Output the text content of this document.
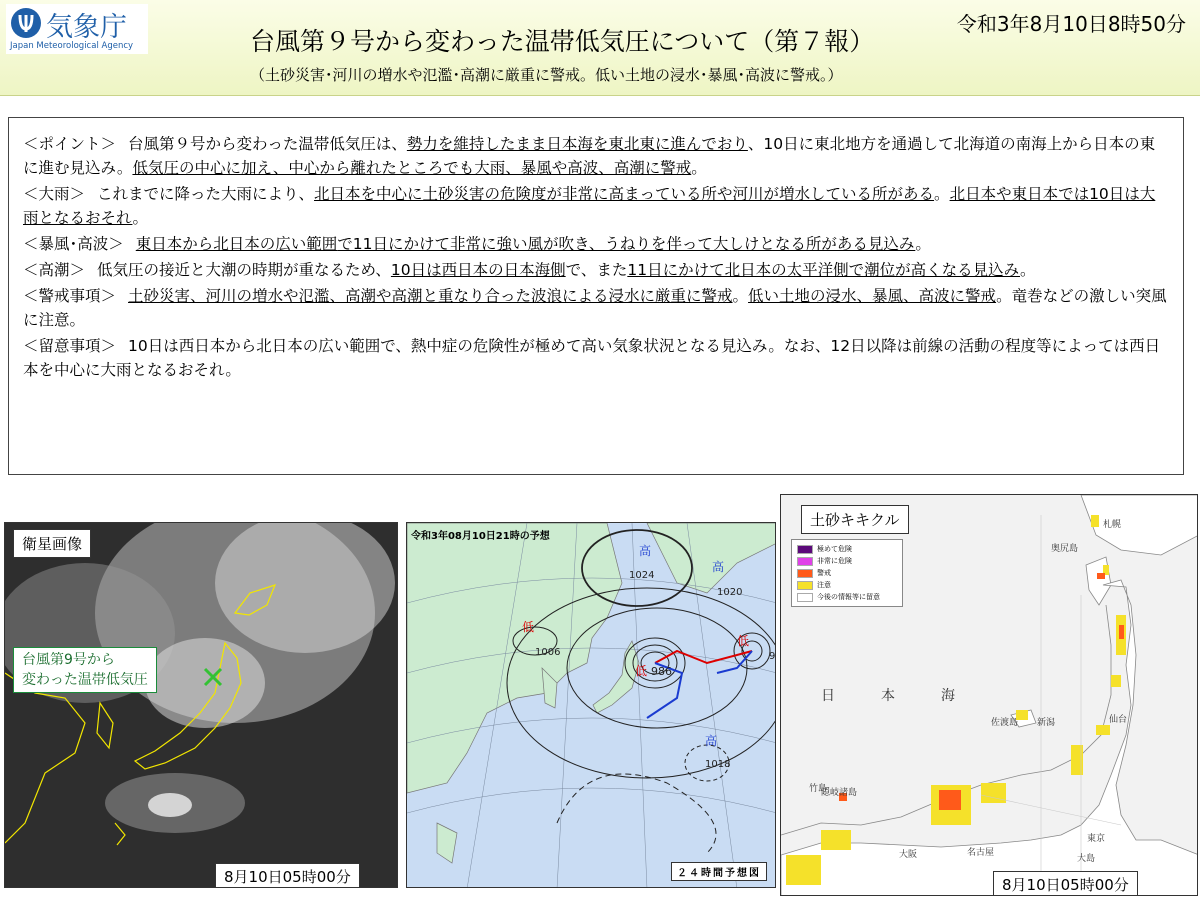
気象庁
Japan Meteorological Agency	台風第９号から変わった温帯低気圧について（第７報）
令和3年8月10日8時50分
（土砂災害･河川の増水や氾濫･高潮に厳重に警戒。低い土地の浸水･暴風･高波に警戒。）
＜ポイント＞ 台風第９号から変わった温帯低気圧は、勢力を維持したまま日本海を東北東に進んでおり、10日に東北地方を通過して北海道の南海上から日本の東に進む見込み。低気圧の中心に加え、中心から離れたところでも大雨、暴風や高波、高潮に警戒。
＜大雨＞ これまでに降った大雨により、北日本を中心に土砂災害の危険度が非常に高まっている所や河川が増水している所がある。北日本や東日本では10日は大雨となるおそれ。
＜暴風･高波＞ 東日本から北日本の広い範囲で11日にかけて非常に強い風が吹き、うねりを伴って大しけとなる所がある見込み。
＜高潮＞ 低気圧の接近と大潮の時期が重なるため、10日は西日本の日本海側で、また11日にかけて北日本の太平洋側で潮位が高くなる見込み。
＜警戒事項＞ 土砂災害、河川の増水や氾濫、高潮や高潮と重なり合った波浪による浸水に厳重に警戒。低い土地の浸水、暴風、高波に警戒。竜巻などの激しい突風に注意。
＜留意事項＞ 10日は西日本から北日本の広い範囲で、熱中症の危険性が極めて高い気象状況となる見込み。なお、12日以降は前線の活動の程度等によっては西日本を中心に大雨となるおそれ。
衛星画像
台風第9号から
変わった温帯低気圧
8月10日05時00分
高
1024
高
1020
高
1018
低
1006
低 986
低
9
令和3年08月10日21時の予想
２４時間予想図
土砂キキクル
極めて危険
非常に危険
警戒
注意
今後の情報等に留意
札幌
奥尻島
佐渡島 新潟	仙台
竹島
隠岐諸島
東京
名古屋
大阪	大島
日	本	海
8月10日05時00分
